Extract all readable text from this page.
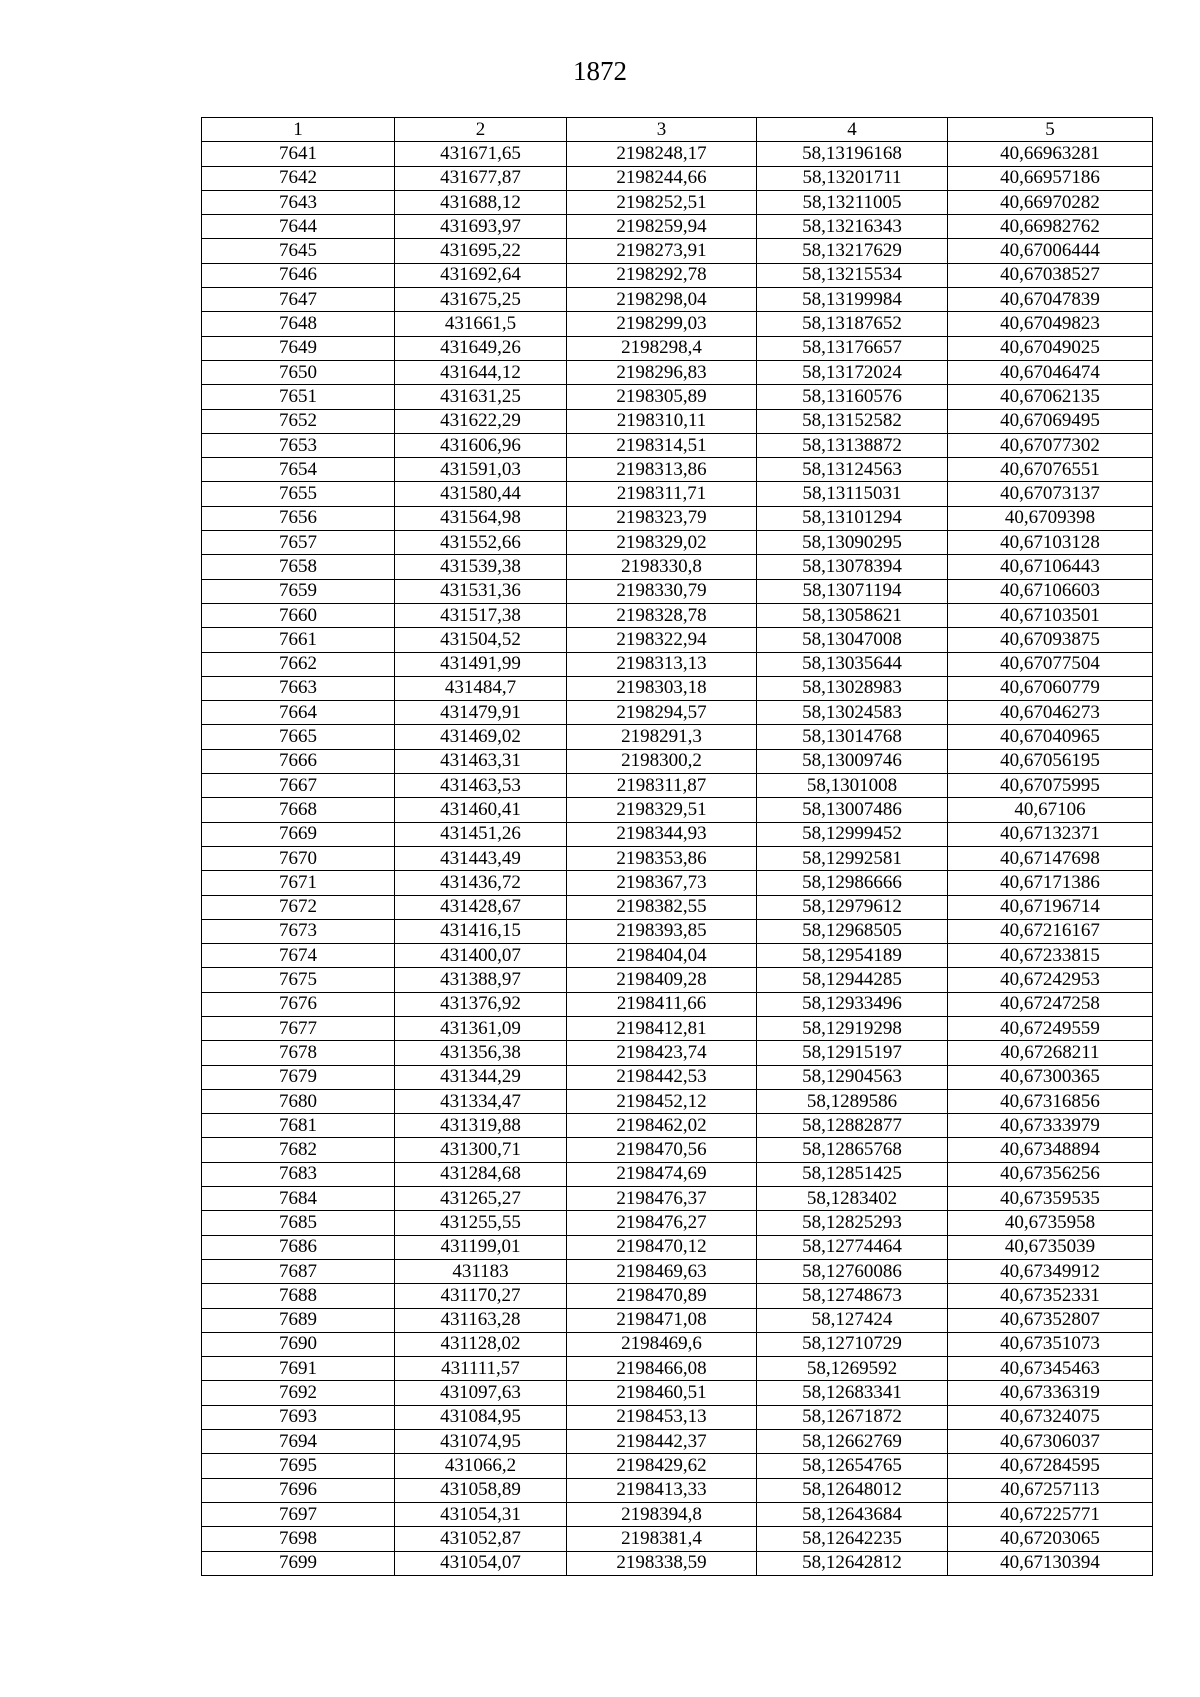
1872
1	2	3	4	5
7641	431671,65	2198248,17	58,13196168	40,66963281
7642	431677,87	2198244,66	58,13201711	40,66957186
7643	431688,12	2198252,51	58,13211005	40,66970282
7644	431693,97	2198259,94	58,13216343	40,66982762
7645	431695,22	2198273,91	58,13217629	40,67006444
7646	431692,64	2198292,78	58,13215534	40,67038527
7647	431675,25	2198298,04	58,13199984	40,67047839
7648	431661,5	2198299,03	58,13187652	40,67049823
7649	431649,26	2198298,4	58,13176657	40,67049025
7650	431644,12	2198296,83	58,13172024	40,67046474
7651	431631,25	2198305,89	58,13160576	40,67062135
7652	431622,29	2198310,11	58,13152582	40,67069495
7653	431606,96	2198314,51	58,13138872	40,67077302
7654	431591,03	2198313,86	58,13124563	40,67076551
7655	431580,44	2198311,71	58,13115031	40,67073137
7656	431564,98	2198323,79	58,13101294	40,6709398
7657	431552,66	2198329,02	58,13090295	40,67103128
7658	431539,38	2198330,8	58,13078394	40,67106443
7659	431531,36	2198330,79	58,13071194	40,67106603
7660	431517,38	2198328,78	58,13058621	40,67103501
7661	431504,52	2198322,94	58,13047008	40,67093875
7662	431491,99	2198313,13	58,13035644	40,67077504
7663	431484,7	2198303,18	58,13028983	40,67060779
7664	431479,91	2198294,57	58,13024583	40,67046273
7665	431469,02	2198291,3	58,13014768	40,67040965
7666	431463,31	2198300,2	58,13009746	40,67056195
7667	431463,53	2198311,87	58,1301008	40,67075995
7668	431460,41	2198329,51	58,13007486	40,67106
7669	431451,26	2198344,93	58,12999452	40,67132371
7670	431443,49	2198353,86	58,12992581	40,67147698
7671	431436,72	2198367,73	58,12986666	40,67171386
7672	431428,67	2198382,55	58,12979612	40,67196714
7673	431416,15	2198393,85	58,12968505	40,67216167
7674	431400,07	2198404,04	58,12954189	40,67233815
7675	431388,97	2198409,28	58,12944285	40,67242953
7676	431376,92	2198411,66	58,12933496	40,67247258
7677	431361,09	2198412,81	58,12919298	40,67249559
7678	431356,38	2198423,74	58,12915197	40,67268211
7679	431344,29	2198442,53	58,12904563	40,67300365
7680	431334,47	2198452,12	58,1289586	40,67316856
7681	431319,88	2198462,02	58,12882877	40,67333979
7682	431300,71	2198470,56	58,12865768	40,67348894
7683	431284,68	2198474,69	58,12851425	40,67356256
7684	431265,27	2198476,37	58,1283402	40,67359535
7685	431255,55	2198476,27	58,12825293	40,6735958
7686	431199,01	2198470,12	58,12774464	40,6735039
7687	431183	2198469,63	58,12760086	40,67349912
7688	431170,27	2198470,89	58,12748673	40,67352331
7689	431163,28	2198471,08	58,127424	40,67352807
7690	431128,02	2198469,6	58,12710729	40,67351073
7691	431111,57	2198466,08	58,1269592	40,67345463
7692	431097,63	2198460,51	58,12683341	40,67336319
7693	431084,95	2198453,13	58,12671872	40,67324075
7694	431074,95	2198442,37	58,12662769	40,67306037
7695	431066,2	2198429,62	58,12654765	40,67284595
7696	431058,89	2198413,33	58,12648012	40,67257113
7697	431054,31	2198394,8	58,12643684	40,67225771
7698	431052,87	2198381,4	58,12642235	40,67203065
7699	431054,07	2198338,59	58,12642812	40,67130394
